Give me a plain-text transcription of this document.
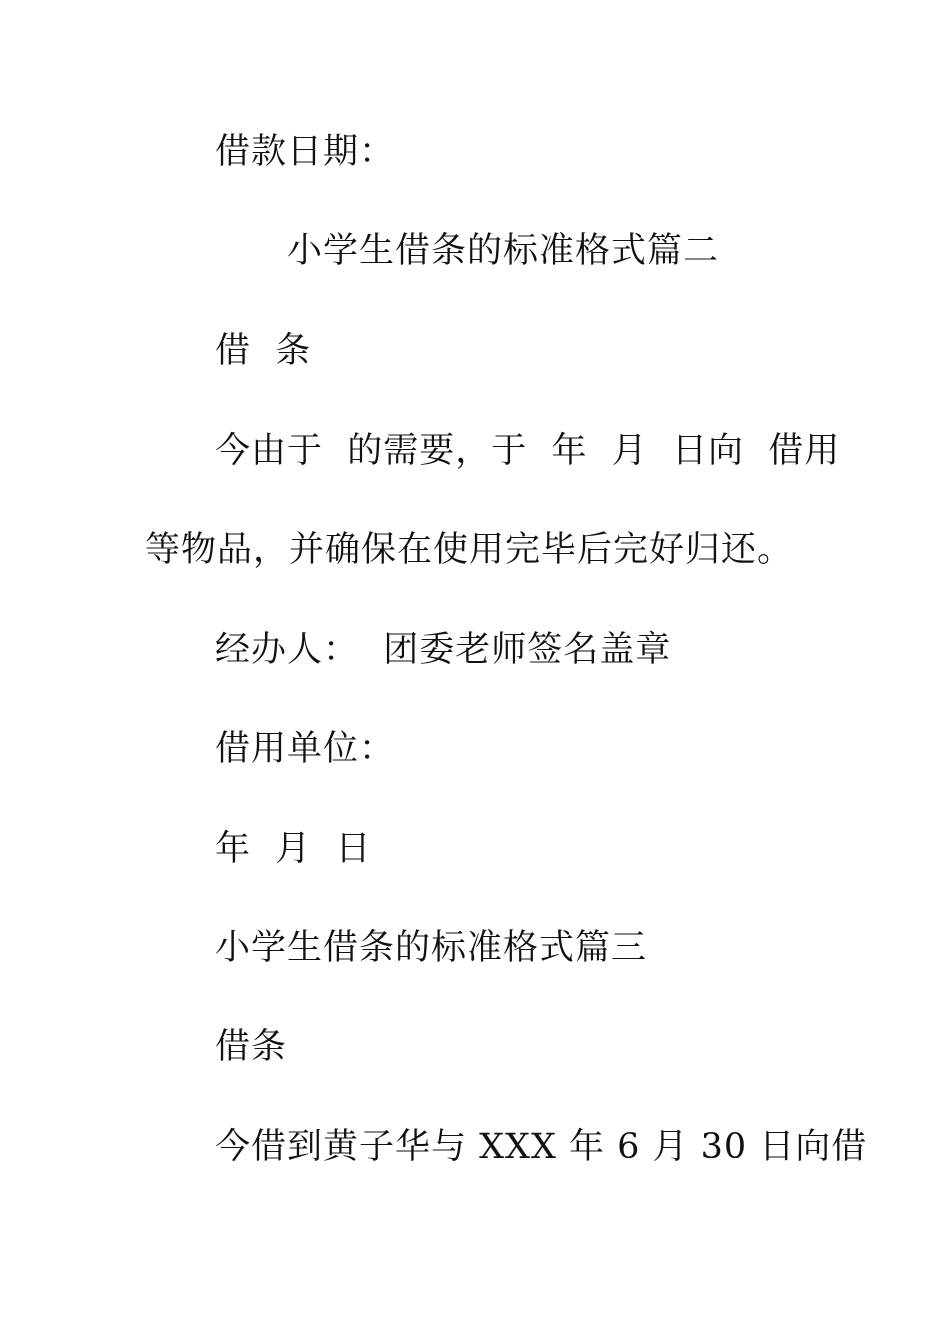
借款日期：
小学生借条的标准格式篇二
借  条
今由于  的需要，于  年  月  日向  借用
等物品，并确保在使用完毕后完好归还。
经办人：  团委老师签名盖章
借用单位：
年  月  日
小学生借条的标准格式篇三
借条
今借到黄子华与 XXX 年 6 月 30 日向借
